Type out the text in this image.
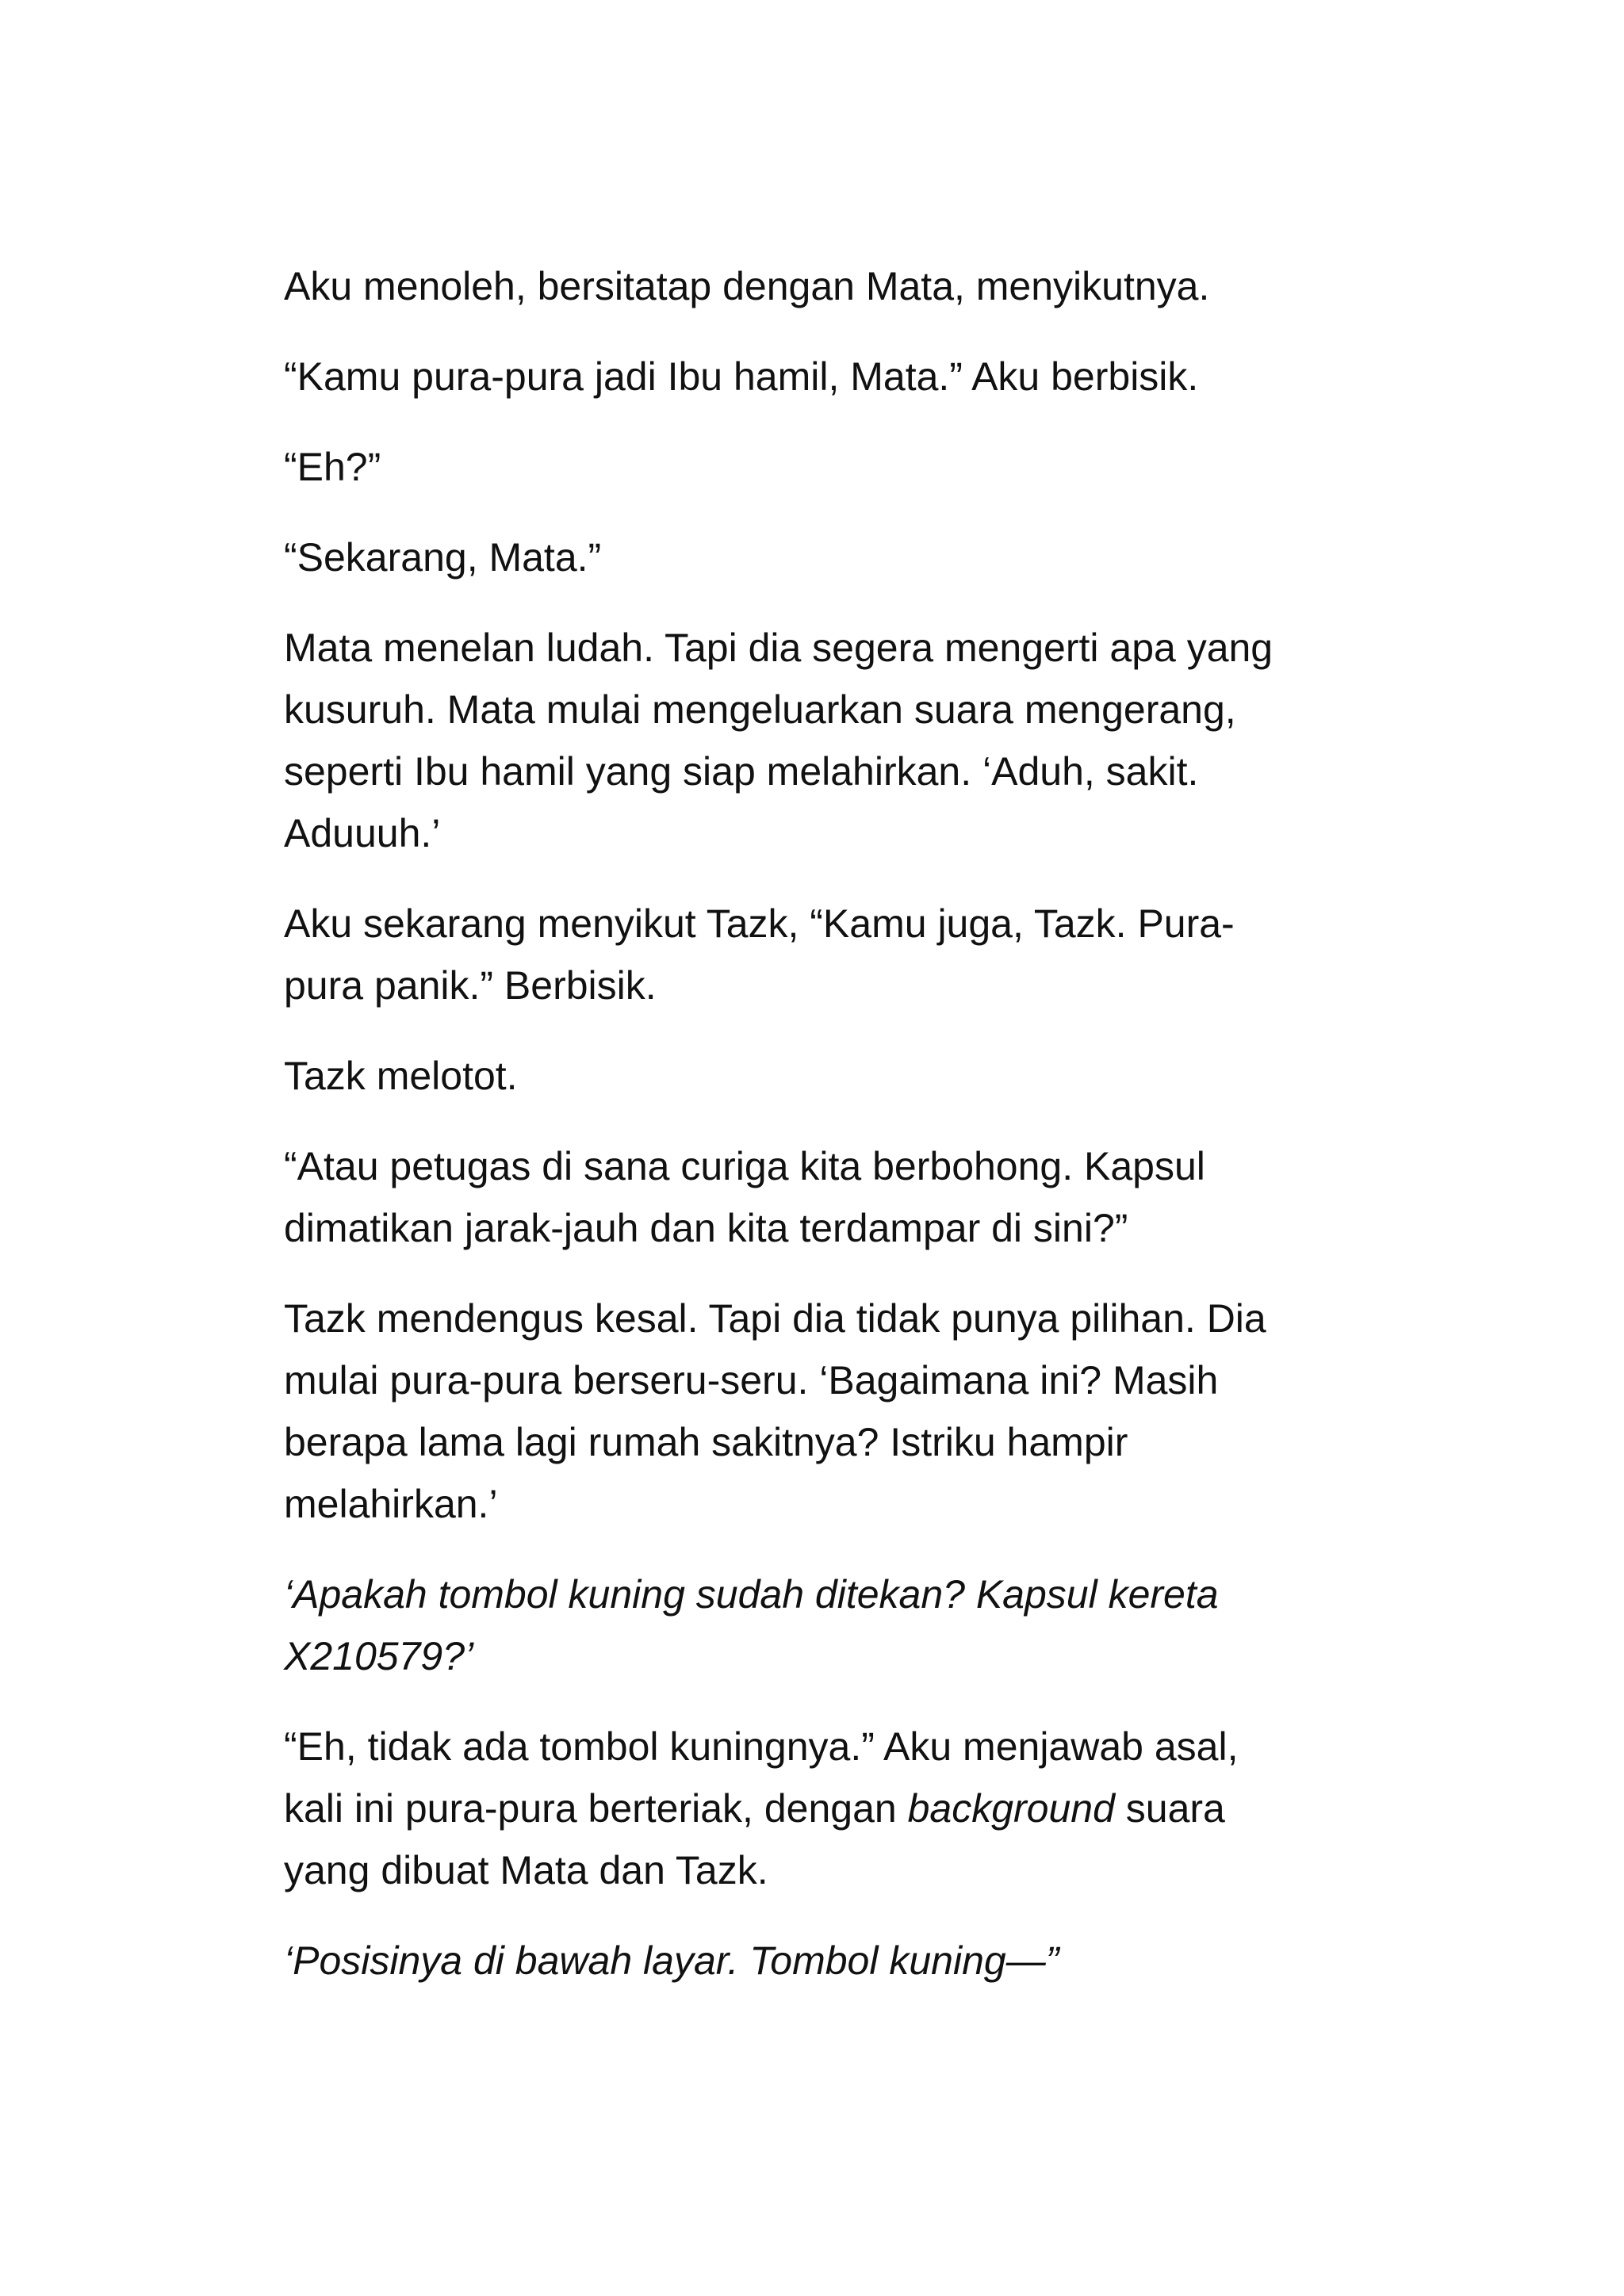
Aku menoleh, bersitatap dengan Mata, menyikutnya.

“Kamu pura-pura jadi Ibu hamil, Mata.” Aku berbisik.

“Eh?”

“Sekarang, Mata.”

Mata menelan ludah. Tapi dia segera mengerti apa yang
kusuruh. Mata mulai mengeluarkan suara mengerang,
seperti Ibu hamil yang siap melahirkan. ‘Aduh, sakit.
Aduuuh.’

Aku sekarang menyikut Tazk, “Kamu juga, Tazk. Pura-
pura panik.” Berbisik.

Tazk melotot.

“Atau petugas di sana curiga kita berbohong. Kapsul
dimatikan jarak-jauh dan kita terdampar di sini?”

Tazk mendengus kesal. Tapi dia tidak punya pilihan. Dia
mulai pura-pura berseru-seru. ‘Bagaimana ini? Masih
berapa lama lagi rumah sakitnya? Istriku hampir
melahirkan.’

‘Apakah tombol kuning sudah ditekan? Kapsul kereta
X210579?’

“Eh, tidak ada tombol kuningnya.” Aku menjawab asal,
kali ini pura-pura berteriak, dengan background suara
yang dibuat Mata dan Tazk.

‘Posisinya di bawah layar. Tombol kuning—”
